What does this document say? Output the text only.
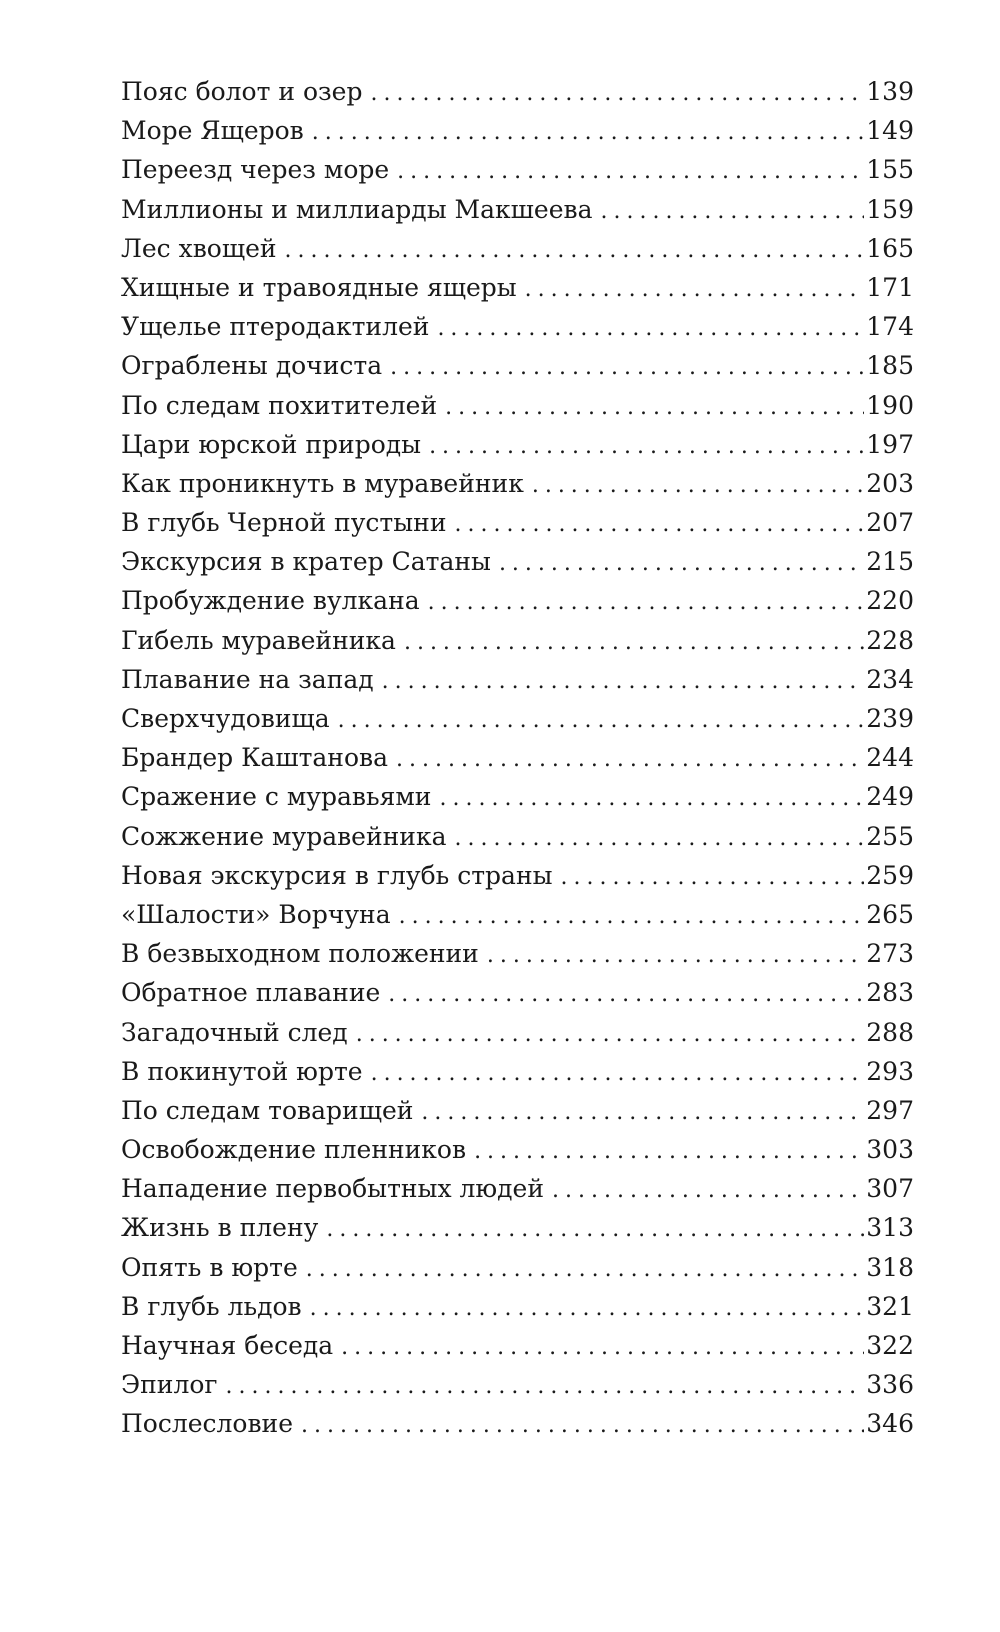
Пояс болот и озер .....	139
Море Ящеров .....	149
Переезд через море .....	155
Миллионы и миллиарды Макшеева .....	159
Лес хвощей .....	165
Хищные и травоядные ящеры .....	171
Ущелье птеродактилей .....	174
Ограблены дочиста .....	185
По следам похитителей .....	190
Цари юрской природы .....	197
Как проникнуть в муравейник .....	203
В глубь Черной пустыни .....	207
Экскурсия в кратер Сатаны .....	215
Пробуждение вулкана .....	220
Гибель муравейника .....	228
Плавание на запад .....	234
Сверхчудовища .....	239
Брандер Каштанова .....	244
Сражение с муравьями .....	249
Сожжение муравейника .....	255
Новая экскурсия в глубь страны .....	259
«Шалости» Ворчуна .....	265
В безвыходном положении .....	273
Обратное плавание .....	283
Загадочный след .....	288
В покинутой юрте .....	293
По следам товарищей .....	297
Освобождение пленников .....	303
Нападение первобытных людей .....	307
Жизнь в плену .....	313
Опять в юрте .....	318
В глубь льдов .....	321
Научная беседа .....	322
Эпилог .....	336
Послесловие .....	346
